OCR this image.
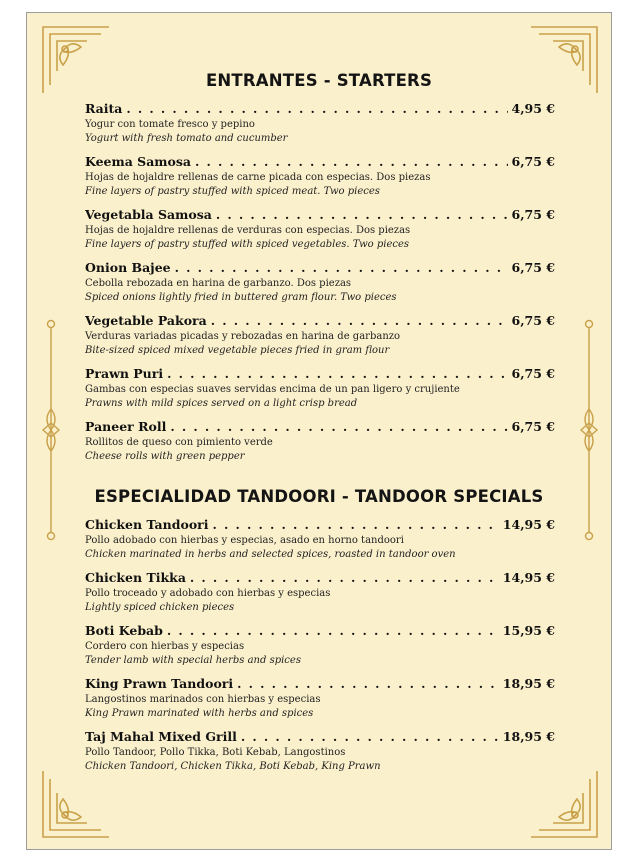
ENTRANTES - STARTERS
Raita . . .	4,95 €
Yogur con tomate fresco y pepino
Yogurt with fresh tomato and cucumber
Keema Samosa . . .	6,75 €
Hojas de hojaldre rellenas de carne picada con especias. Dos piezas
Fine layers of pastry stuffed with spiced meat. Two pieces
Vegetabla Samosa . . .	6,75 €
Hojas de hojaldre rellenas de verduras con especias. Dos piezas
Fine layers of pastry stuffed with spiced vegetables. Two pieces
Onion Bajee . . .	6,75 €
Cebolla rebozada en harina de garbanzo. Dos piezas
Spiced onions lightly fried in buttered gram flour. Two pieces
Vegetable Pakora . . .	6,75 €
Verduras variadas picadas y rebozadas en harina de garbanzo
Bite-sized spiced mixed vegetable pieces fried in gram flour
Prawn Puri . . .	6,75 €
Gambas con especias suaves servidas encima de un pan ligero y crujiente
Prawns with mild spices served on a light crisp bread
Paneer Roll . . .	6,75 €
Rollitos de queso con pimiento verde
Cheese rolls with green pepper
ESPECIALIDAD TANDOORI - TANDOOR SPECIALS
Chicken Tandoori . . .	14,95 €
Pollo adobado con hierbas y especias, asado en horno tandoori
Chicken marinated in herbs and selected spices, roasted in tandoor oven
Chicken Tikka . . .	14,95 €
Pollo troceado y adobado con hierbas y especias
Lightly spiced chicken pieces
Boti Kebab . . .	15,95 €
Cordero con hierbas y especias
Tender lamb with special herbs and spices
King Prawn Tandoori . . .	18,95 €
Langostinos marinados con hierbas y especias
King Prawn marinated with herbs and spices
Taj Mahal Mixed Grill . . .	18,95 €
Pollo Tandoor, Pollo Tikka, Boti Kebab, Langostinos
Chicken Tandoori, Chicken Tikka, Boti Kebab, King Prawn
